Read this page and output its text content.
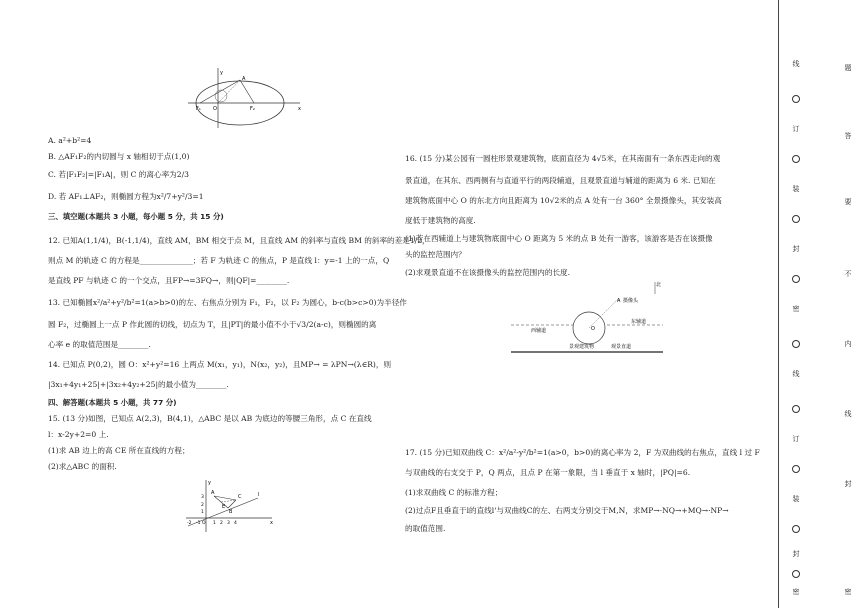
y
A
F₁ O	F₂	x
A. a²+b²=4
B. △AF₁F₂的内切圆与 x 轴相切于点(1,0)
C. 若|F₁F₂|=|F₁A|，则 C 的离心率为2/3
D. 若 AF₁⊥AF₂，则椭圆方程为x²/7+y²/3=1
三、填空题(本题共 3 小题，每小题 5 分，共 15 分)
12. 已知A(1,1/4)，B(-1,1/4)，直线 AM，BM 相交于点 M，且直线 AM 的斜率与直线 BM 的斜率的差是1/2，
则点 M 的轨迹 C 的方程是______________；若 F 为轨迹 C 的焦点，P 是直线 l：y=-1 上的一点，Q
是直线 PF 与轨迹 C 的一个交点，且FP→=3FQ→，则|QF|=________.
13. 已知椭圆x²/a²+y²/b²=1(a>b>0)的左、右焦点分别为 F₁，F₂，以 F₂ 为圆心，b-c(b>c>0)为半径作
圆 F₂，过椭圆上一点 P 作此圆的切线，切点为 T，且|PT|的最小值不小于√3/2(a-c)，则椭圆的离
心率 e 的取值范围是________.
14. 已知点 P(0,2)，圆 O：x²+y²=16 上两点 M(x₁，y₁)，N(x₂，y₂)，且MP→ = λPN→(λ∈R)，则
|3x₁+4y₁+25|+|3x₂+4y₂+25|的最小值为________.
四、解答题(本题共 5 小题，共 77 分)
15. (13 分)如图，已知点 A(2,3)，B(4,1)，△ABC 是以 AB 为底边的等腰三角形，点 C 在直线
l：x-2y+2=0 上.
(1)求 AB 边上的高 CE 所在直线的方程；
(2)求△ABC 的面积.
y
A
C	l
B
E
-2 -1 O 1 2 3 4	x
3
2
1
16. (15 分)某公园有一圆柱形景观建筑物，底面直径为 4√5米，在其南面有一条东西走向的观
景直道，在其东、西两侧有与直道平行的两段辅道，且观景直道与辅道的距离为 6 米. 已知在
建筑物底面中心 O 的东北方向且距离为 10√2米的点 A 处有一台 360° 全景摄像头，其安装高
度低于建筑物的高度.
(1)若在西辅道上与建筑物底面中心 O 距离为 5 米的点 B 处有一游客，该游客是否在该摄像
头的监控范围内？
(2)求观景直道不在该摄像头的监控范围内的长度.
北
A 摄像头
O
西辅道
东辅道
景观建筑物	观景直道
17. (15 分)已知双曲线 C：x²/a²-y²/b²=1(a>0，b>0)的离心率为 2，F 为双曲线的右焦点，直线 l 过 F
与双曲线的右支交于 P，Q 两点，且点 P 在第一象限，当 l 垂直于 x 轴时，|PQ|=6.
(1)求双曲线 C 的标准方程；
(2)过点F且垂直于l的直线l'与双曲线C的左、右两支分别交于M,N，求MP→·NQ→+MQ→·NP→
的取值范围.
线
订
装
封
密
线
订
装
封
密
题
答
要
不
内
线
封
密
